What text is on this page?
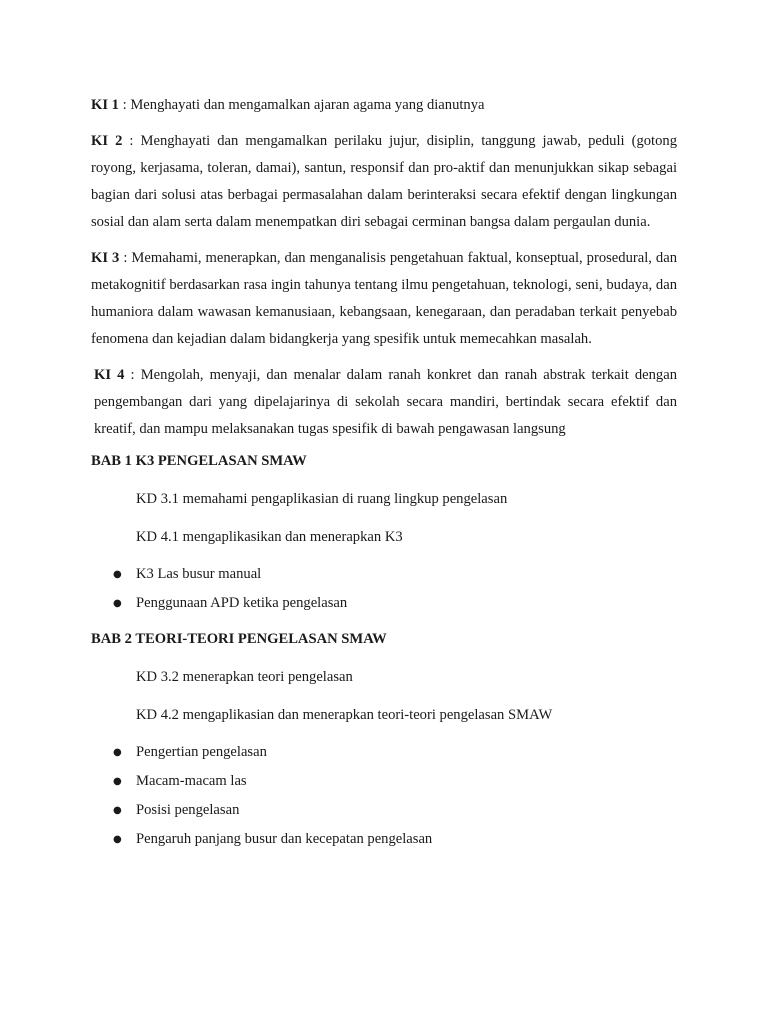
KI 1 : Menghayati dan mengamalkan ajaran agama yang dianutnya

KI 2 : Menghayati dan mengamalkan perilaku jujur, disiplin, tanggung jawab, peduli (gotong royong, kerjasama, toleran, damai), santun, responsif dan pro-aktif dan menunjukkan sikap sebagai bagian dari solusi atas berbagai permasalahan dalam berinteraksi secara efektif dengan lingkungan sosial dan alam serta dalam menempatkan diri sebagai cerminan bangsa dalam pergaulan dunia.

KI 3 : Memahami, menerapkan, dan menganalisis pengetahuan faktual, konseptual, prosedural, dan metakognitif berdasarkan rasa ingin tahunya tentang ilmu pengetahuan, teknologi, seni, budaya, dan humaniora dalam wawasan kemanusiaan, kebangsaan, kenegaraan, dan peradaban terkait penyebab fenomena dan kejadian dalam bidangkerja yang spesifik untuk memecahkan masalah.

KI 4 : Mengolah, menyaji, dan menalar dalam ranah konkret dan ranah abstrak terkait dengan pengembangan dari yang dipelajarinya di sekolah secara mandiri, bertindak secara efektif dan kreatif, dan mampu melaksanakan tugas spesifik di bawah pengawasan langsung

BAB 1 K3 PENGELASAN SMAW

KD 3.1 memahami pengaplikasian di ruang lingkup pengelasan

KD 4.1 mengaplikasikan dan menerapkan K3

● K3 Las busur manual
● Penggunaan APD ketika pengelasan

BAB 2 TEORI-TEORI PENGELASAN SMAW

KD 3.2 menerapkan teori pengelasan

KD 4.2 mengaplikasian dan menerapkan teori-teori pengelasan SMAW

● Pengertian pengelasan
● Macam-macam las
● Posisi pengelasan
● Pengaruh panjang busur dan kecepatan pengelasan
